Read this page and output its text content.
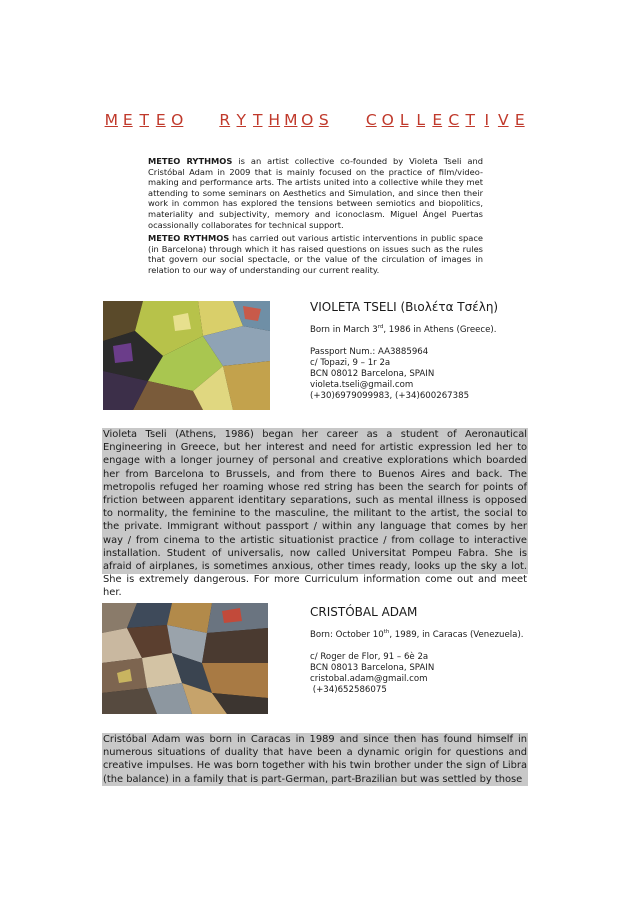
M E T E O R Y T H M O S C O L L E C T I V E

METEO RYTHMOS is an artist collective co-founded by Violeta Tseli and Cristóbal Adam in 2009 that is mainly focused on the practice of film/video-making and performance arts. The artists united into a collective while they met attending to some seminars on Aesthetics and Simulation, and since then their work in common has explored the tensions between semiotics and biopolitics, materiality and subjectivity, memory and iconoclasm. Miguel Ángel Puertas ocassionally collaborates for technical support.

METEO RYTHMOS has carried out various artistic interventions in public space (in Barcelona) through which it has raised questions on issues such as the rules that govern our social spectacle, or the value of the circulation of images in relation to our way of understanding our current reality.

VIOLETA TSELI (Βιολέτα Τσέλη)
Born in March 3rd, 1986 in Athens (Greece).
Passport Num.: AA3885964
c/ Topazi, 9 – 1r 2a
BCN 08012 Barcelona, SPAIN
violeta.tseli@gmail.com
(+30)6979099983, (+34)600267385
Violeta Tseli (Athens, 1986) began her career as a student of Aeronautical Engineering in Greece, but her interest and need for artistic expression led her to engage with a longer journey of personal and creative explorations which boarded her from Barcelona to Brussels, and from there to Buenos Aires and back. The metropolis refuged her roaming whose red string has been the search for points of friction between apparent identitary separations, such as mental illness is opposed to normality, the feminine to the masculine, the militant to the artist, the social to the private. Immigrant without passport / within any language that comes by her way / from cinema to the artistic situationist practice / from collage to interactive installation. Student of universalis, now called Universitat Pompeu Fabra. She is afraid of airplanes, is sometimes anxious, other times ready, looks up the sky a lot. She is extremely dangerous. For more Curriculum information come out and meet her.
CRISTÓBAL ADAM
Born: October 10th, 1989, in Caracas (Venezuela).
c/ Roger de Flor, 91 – 6è 2a
BCN 08013 Barcelona, SPAIN
cristobal.adam@gmail.com
(+34)652586075
Cristóbal Adam was born in Caracas in 1989 and since then has found himself in numerous situations of duality that have been a dynamic origin for questions and creative impulses. He was born together with his twin brother under the sign of Libra (the balance) in a family that is part-German, part-Brazilian but was settled by those
